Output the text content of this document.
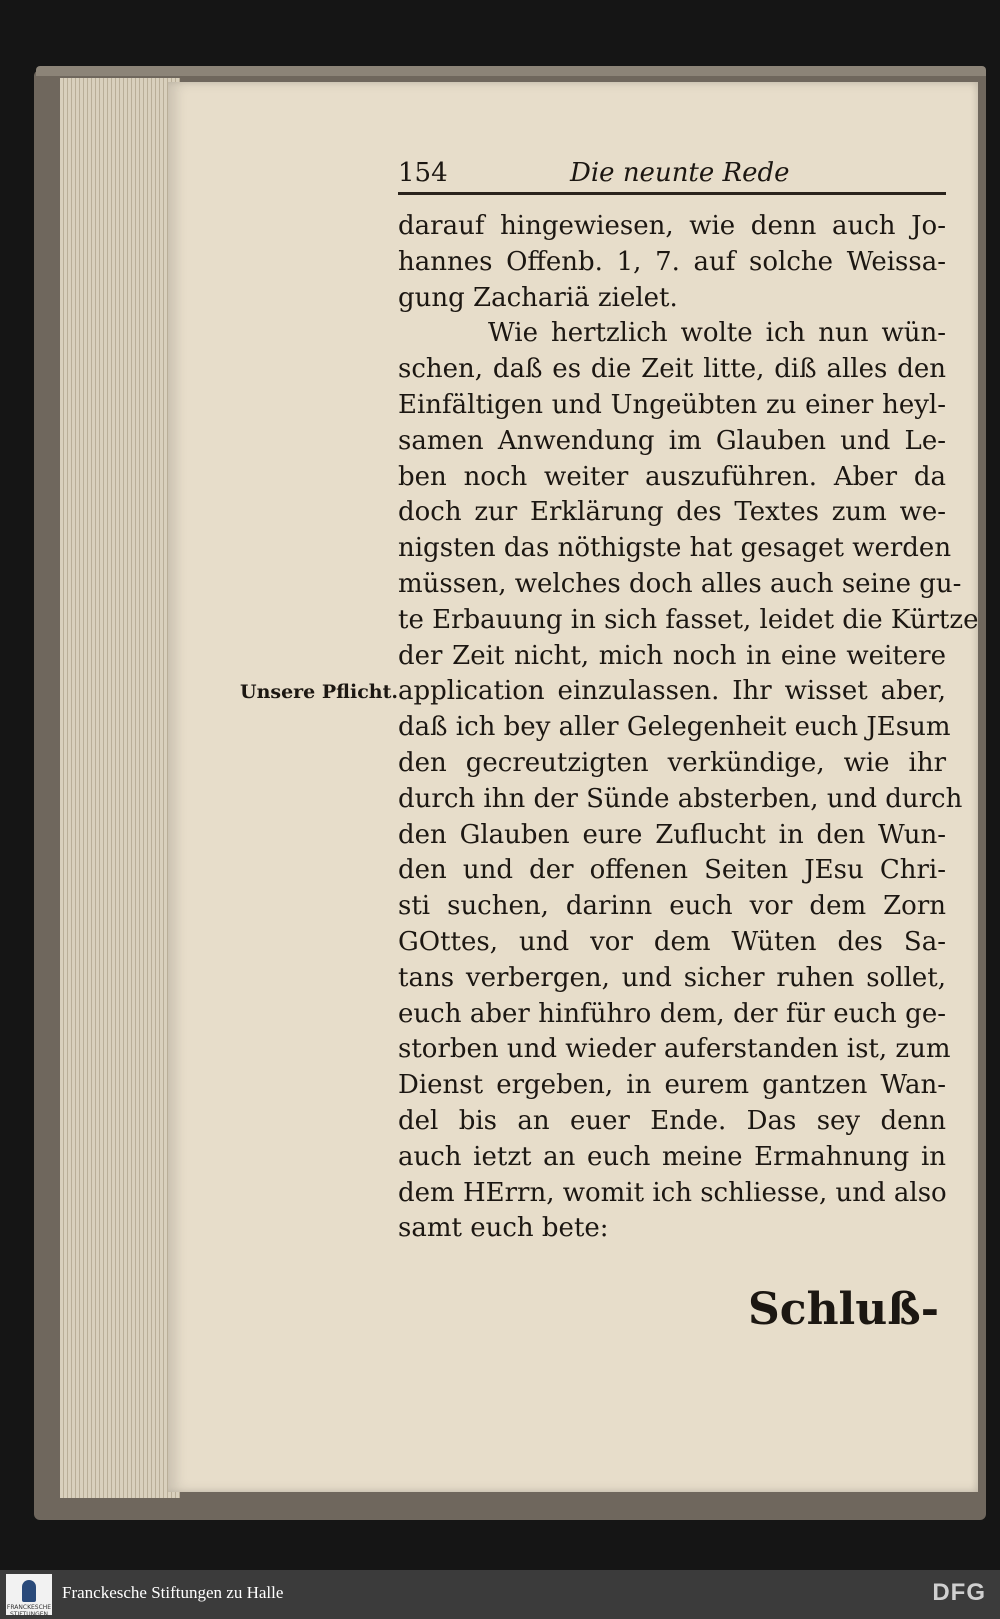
154	Die neunte Rede
darauf hingewiesen, wie denn auch Jo-
hannes Offenb. 1, 7. auf solche Weissa-
gung Zachariä zielet.
Wie hertzlich wolte ich nun wün-
schen, daß es die Zeit litte, diß alles den
Einfältigen und Ungeübten zu einer heyl-
samen Anwendung im Glauben und Le-
ben noch weiter auszuführen. Aber da
doch zur Erklärung des Textes zum we-
nigsten das nöthigste hat gesaget werden
müssen, welches doch alles auch seine gu-
te Erbauung in sich fasset, leidet die Kürtze
der Zeit nicht, mich noch in eine weitere
application einzulassen. Ihr wisset aber,
daß ich bey aller Gelegenheit euch JEsum
den gecreutzigten verkündige, wie ihr
durch ihn der Sünde absterben, und durch
den Glauben eure Zuflucht in den Wun-
den und der offenen Seiten JEsu Chri-
sti suchen, darinn euch vor dem Zorn
GOttes, und vor dem Wüten des Sa-
tans verbergen, und sicher ruhen sollet,
euch aber hinführo dem, der für euch ge-
storben und wieder auferstanden ist, zum
Dienst ergeben, in eurem gantzen Wan-
del bis an euer Ende. Das sey denn
auch ietzt an euch meine Ermahnung in
dem HErrn, womit ich schliesse, und also
samt euch bete:
Unsere Pflicht.
Schluß-
FRANCKESCHE STIFTUNGEN
Franckesche Stiftungen zu Halle	DFG
